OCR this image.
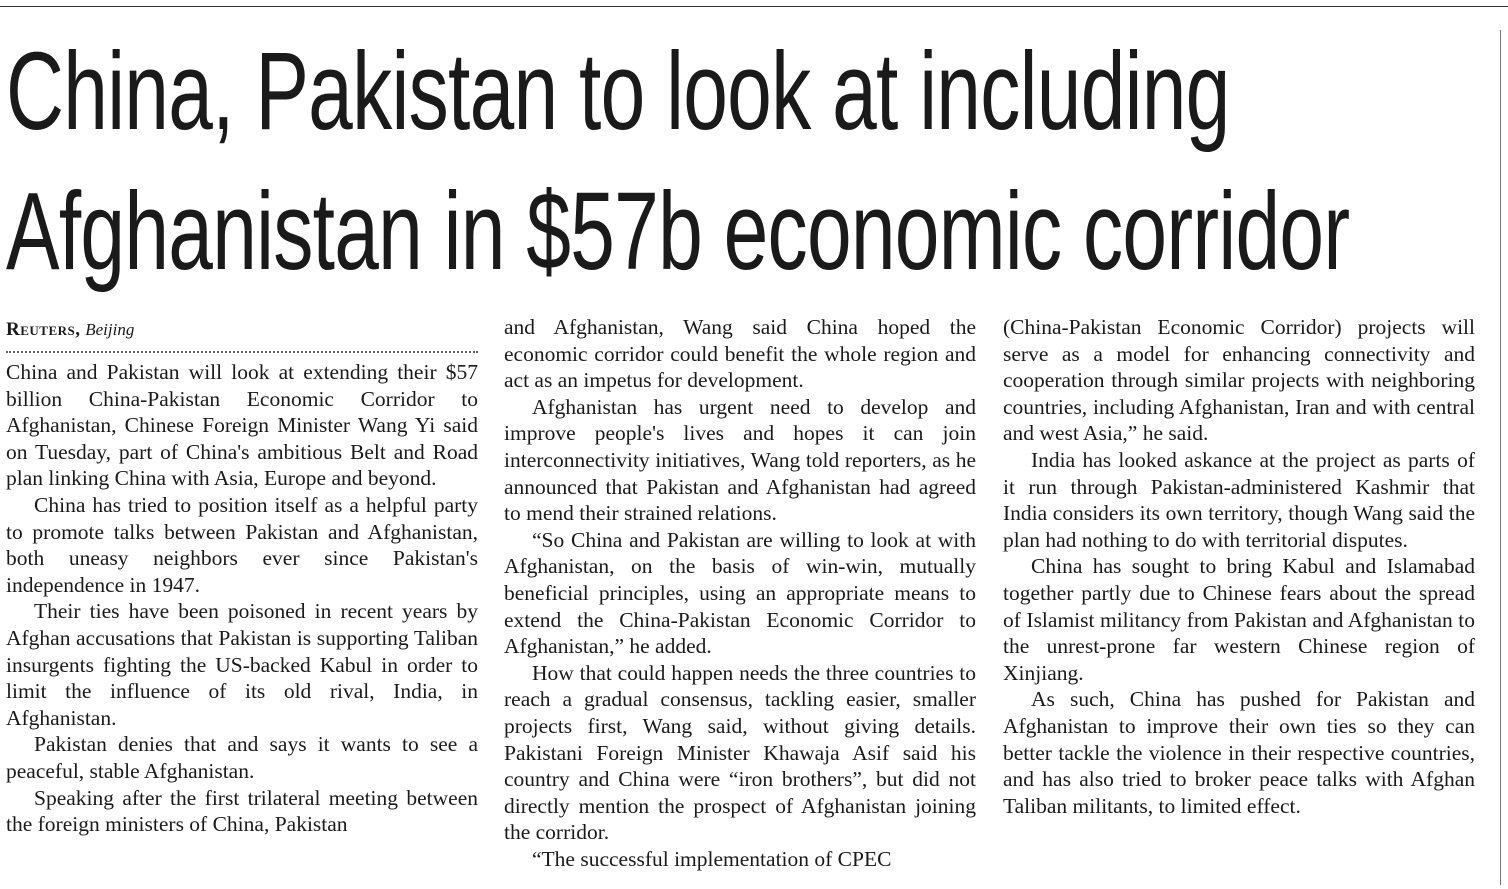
China, Pakistan to look at including
Afghanistan in $57b economic corridor
Reuters, Beijing

China and Pakistan will look at extending their $57 billion China-Pakistan Economic Corridor to Afghanistan, Chinese Foreign Minister Wang Yi said on Tuesday, part of China's ambitious Belt and Road plan linking China with Asia, Europe and beyond.

China has tried to position itself as a helpful party to promote talks between Pakistan and Afghanistan, both uneasy neighbors ever since Pakistan's independence in 1947.

Their ties have been poisoned in recent years by Afghan accusations that Pakistan is supporting Taliban insurgents fighting the US-backed Kabul in order to limit the influence of its old rival, India, in Afghanistan.

Pakistan denies that and says it wants to see a peaceful, stable Afghanistan.

Speaking after the first trilateral meeting between the foreign ministers of China, Pakistan

and Afghanistan, Wang said China hoped the economic corridor could benefit the whole region and act as an impetus for development.

Afghanistan has urgent need to develop and improve people's lives and hopes it can join interconnectivity initiatives, Wang told reporters, as he announced that Pakistan and Afghanistan had agreed to mend their strained relations.

“So China and Pakistan are willing to look at with Afghanistan, on the basis of win-win, mutually beneficial principles, using an appropriate means to extend the China-Pakistan Economic Corridor to Afghanistan,” he added.

How that could happen needs the three countries to reach a gradual consensus, tackling easier, smaller projects first, Wang said, without giving details. Pakistani Foreign Minister Khawaja Asif said his country and China were “iron brothers”, but did not directly mention the prospect of Afghanistan joining the corridor.

“The successful implementation of CPEC

(China-Pakistan Economic Corridor) projects will serve as a model for enhancing connectivity and cooperation through similar projects with neighboring countries, including Afghanistan, Iran and with central and west Asia,” he said.

India has looked askance at the project as parts of it run through Pakistan-administered Kashmir that India considers its own territory, though Wang said the plan had nothing to do with territorial disputes.

China has sought to bring Kabul and Islamabad together partly due to Chinese fears about the spread of Islamist militancy from Pakistan and Afghanistan to the unrest-prone far western Chinese region of Xinjiang.

As such, China has pushed for Pakistan and Afghanistan to improve their own ties so they can better tackle the violence in their respective countries, and has also tried to broker peace talks with Afghan Taliban militants, to limited effect.
